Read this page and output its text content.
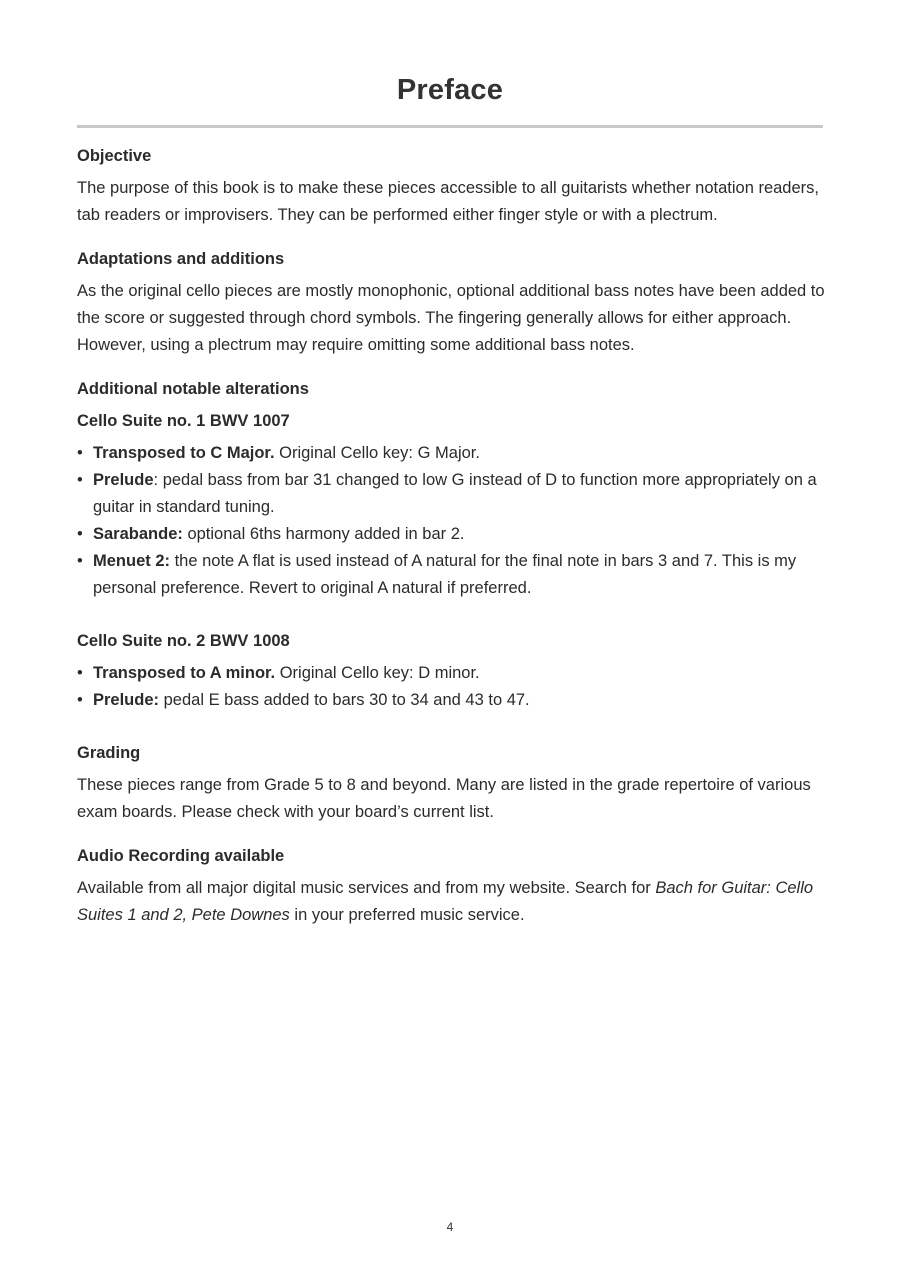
Preface
Objective

The purpose of this book is to make these pieces accessible to all guitarists whether notation readers, tab readers or improvisers. They can be performed either finger style or with a plectrum.

Adaptations and additions

As the original cello pieces are mostly monophonic, optional additional bass notes have been added to the score or suggested through chord symbols. The fingering generally allows for either approach. However, using a plectrum may require omitting some additional bass notes.

Additional notable alterations
Cello Suite no. 1 BWV 1007
• Transposed to C Major. Original Cello key: G Major.
• Prelude: pedal bass from bar 31 changed to low G instead of D to function more appropriately on a guitar in standard tuning.
• Sarabande: optional 6ths harmony added in bar 2.
• Menuet 2: the note A flat is used instead of A natural for the final note in bars 3 and 7. This is my personal preference. Revert to original A natural if preferred.
Cello Suite no. 2 BWV 1008
• Transposed to A minor. Original Cello key: D minor.
• Prelude: pedal E bass added to bars 30 to 34 and 43 to 47.
Grading

These pieces range from Grade 5 to 8 and beyond. Many are listed in the grade repertoire of various exam boards. Please check with your board’s current list.

Audio Recording available

Available from all major digital music services and from my website. Search for Bach for Guitar: Cello Suites 1 and 2, Pete Downes in your preferred music service.

4
